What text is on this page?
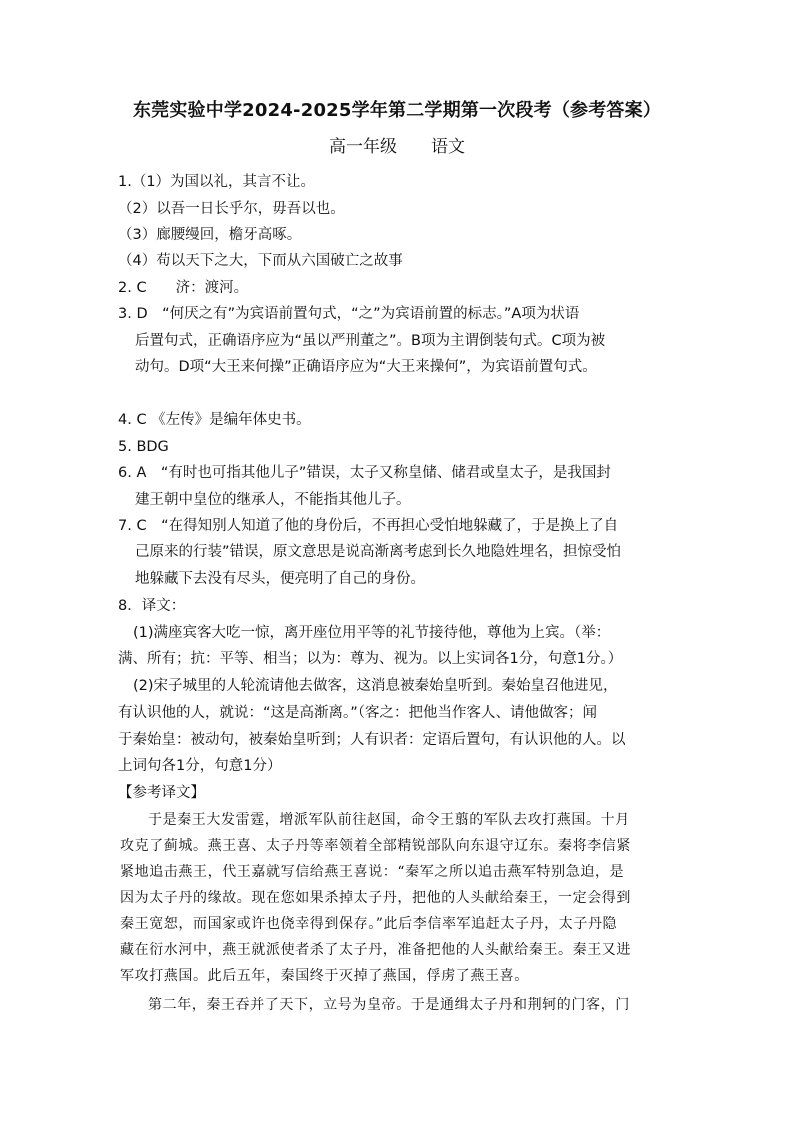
东莞实验中学2024-2025学年第二学期第一次段考（参考答案）
高一年级 语文
1.（1）为国以礼，其言不让。
（2）以吾一日长乎尔，毋吾以也。
（3）廊腰缦回，檐牙高啄。
（4）苟以天下之大，下而从六国破亡之故事
2. C　　济：渡河。
3. D　“何厌之有”为宾语前置句式，“之”为宾语前置的标志。”A项为状语
后置句式，正确语序应为“虽以严刑董之”。B项为主谓倒装句式。C项为被
动句。D项“大王来何操”正确语序应为“大王来操何”，为宾语前置句式。
4. C 《左传》是编年体史书。
5. BDG
6. A　“有时也可指其他儿子”错误，太子又称皇储、储君或皇太子，是我国封
建王朝中皇位的继承人，不能指其他儿子。
7. C　“在得知别人知道了他的身份后，不再担心受怕地躲藏了，于是换上了自
己原来的行装”错误，原文意思是说高渐离考虑到长久地隐姓埋名，担惊受怕
地躲藏下去没有尽头，便亮明了自己的身份。
8．译文：
(1)满座宾客大吃一惊，离开座位用平等的礼节接待他，尊他为上宾。（举：
满、所有；抗：平等、相当；以为：尊为、视为。以上实词各1分，句意1分。）
(2)宋子城里的人轮流请他去做客，这消息被秦始皇听到。秦始皇召他进见，
有认识他的人，就说：“这是高渐离。”（客之：把他当作客人、请他做客；闻
于秦始皇：被动句，被秦始皇听到；人有识者：定语后置句，有认识他的人。以
上词句各1分，句意1分）
【参考译文】
于是秦王大发雷霆，增派军队前往赵国，命令王翦的军队去攻打燕国。十月
攻克了蓟城。燕王喜、太子丹等率领着全部精锐部队向东退守辽东。秦将李信紧
紧地追击燕王，代王嘉就写信给燕王喜说：“秦军之所以追击燕军特别急迫，是
因为太子丹的缘故。现在您如果杀掉太子丹，把他的人头献给秦王，一定会得到
秦王宽恕，而国家或许也侥幸得到保存。”此后李信率军追赶太子丹，太子丹隐
藏在衍水河中，燕王就派使者杀了太子丹，准备把他的人头献给秦王。秦王又进
军攻打燕国。此后五年，秦国终于灭掉了燕国，俘虏了燕王喜。
第二年，秦王吞并了天下，立号为皇帝。于是通缉太子丹和荆轲的门客，门
